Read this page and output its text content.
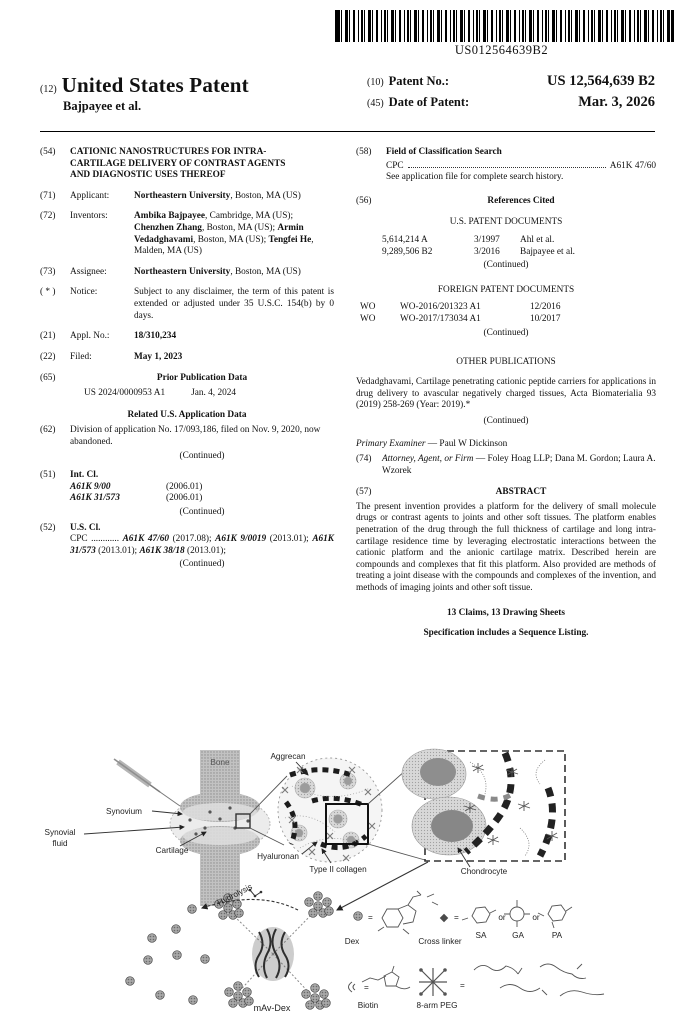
US012564639B2
(12) United States Patent
Bajpayee et al.
(10) Patent No.:	US 12,564,639 B2
(45) Date of Patent:	Mar. 3, 2026
(54)	CATIONIC NANOSTRUCTURES FOR INTRA-CARTILAGE DELIVERY OF CONTRAST AGENTS AND DIAGNOSTIC USES THEREOF
(71)	Applicant:	Northeastern University, Boston, MA (US)
(72)	Inventors:	Ambika Bajpayee, Cambridge, MA (US); Chenzhen Zhang, Boston, MA (US); Armin Vedadghavami, Boston, MA (US); Tengfei He, Malden, MA (US)
(73)	Assignee:	Northeastern University, Boston, MA (US)
( * )	Notice:	Subject to any disclaimer, the term of this patent is extended or adjusted under 35 U.S.C. 154(b) by 0 days.
(21)	Appl. No.:	18/310,234
(22)	Filed:	May 1, 2023
(65)	Prior Publication Data
US 2024/0000953 A1	Jan. 4, 2024
Related U.S. Application Data
(62)	Division of application No. 17/093,186, filed on Nov. 9, 2020, now abandoned.
(Continued)
(51)	Int. Cl.
A61K 9/00	(2006.01)
A61K 31/573	(2006.01)
(Continued)
(52)	U.S. Cl.
CPC ............ A61K 47/60 (2017.08); A61K 9/0019 (2013.01); A61K 31/573 (2013.01); A61K 38/18 (2013.01);
(Continued)
(58)	Field of Classification Search
CPC	A61K 47/60
See application file for complete search history.
(56)	References Cited
U.S. PATENT DOCUMENTS
5,614,214 A	3/1997	Ahl et al.
9,289,506 B2	3/2016	Bajpayee et al.
(Continued)
FOREIGN PATENT DOCUMENTS
WO	WO-2016/201323 A1	12/2016
WO	WO-2017/173034 A1	10/2017
(Continued)
OTHER PUBLICATIONS
Vedadghavami, Cartilage penetrating cationic peptide carriers for applications in drug delivery to avascular negatively charged tissues, Acta Biomaterialia 93 (2019) 258-269 (Year: 2019).*
(Continued)
Primary Examiner — Paul W Dickinson
(74)	Attorney, Agent, or Firm — Foley Hoag LLP; Dana M. Gordon; Laura A. Wzorek
(57)	ABSTRACT
The present invention provides a platform for the delivery of small molecule drugs or contrast agents to joints and other soft tissues. The platform enables penetration of the drug through the full thickness of cartilage and long intra-cartilage residence time by leveraging electrostatic interactions between the cationic platform and the anionic cartilage matrix. Described herein are compounds and complexes that fit this platform. Also provided are methods of treating a joint disease with the compounds and complexes of the invention, and methods of imaging joints and other soft tissue.
13 Claims, 13 Drawing Sheets
Specification includes a Sequence Listing.
Bone
Synovium
Synovial
fluid
Cartilage
Aggrecan
Hyaluronan
Type II collagen	Chondrocyte
Hydrolysis
mAv-Dex
=
Dex
=	or	or
SA	GA	PA
Cross linker
=
Biotin	8-arm PEG
=
